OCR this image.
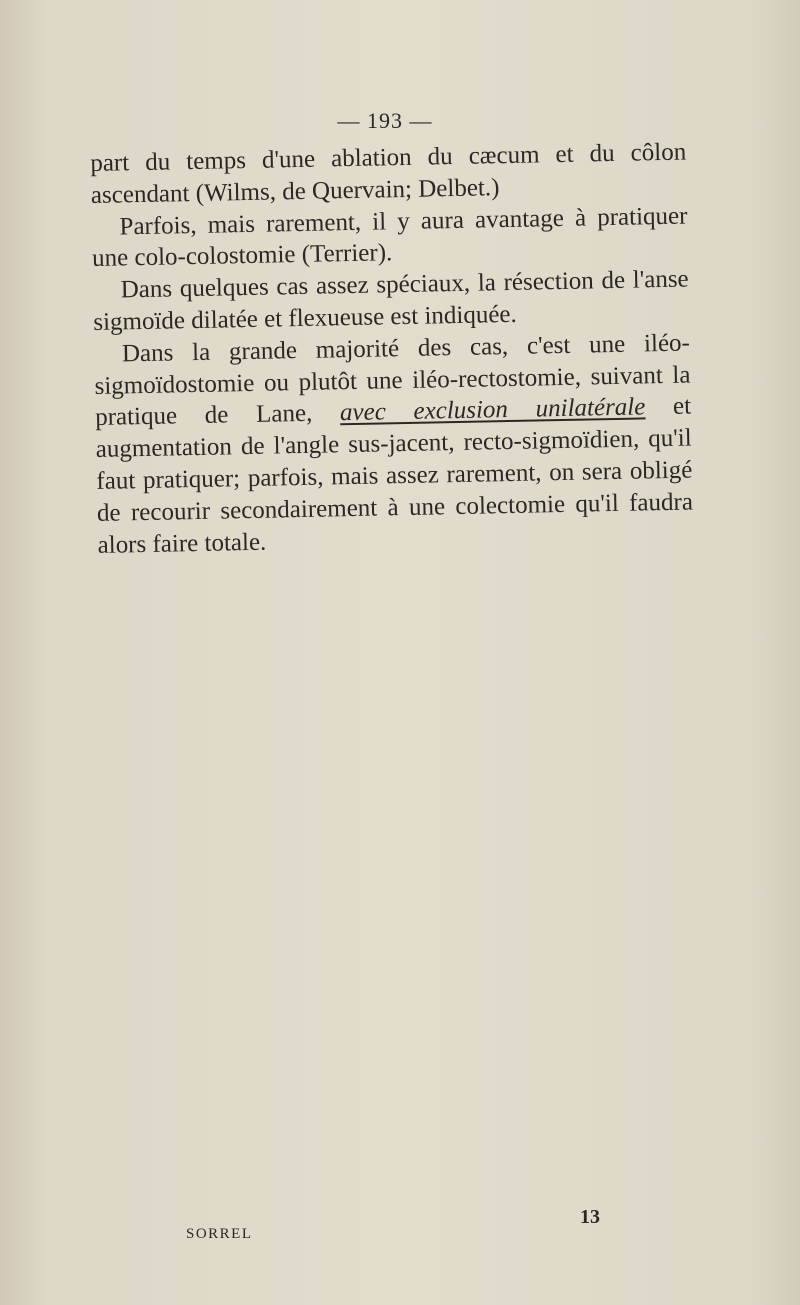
— 193 —

part du temps d'une ablation du cæcum et du côlon ascendant (Wilms, de Quervain; Delbet.)

Parfois, mais rarement, il y aura avantage à pratiquer une colo-colostomie (Terrier).

Dans quelques cas assez spéciaux, la résection de l'anse sigmoïde dilatée et flexueuse est indiquée.

Dans la grande majorité des cas, c'est une iléo-sigmoïdostomie ou plutôt une iléo-rectostomie, suivant la pratique de Lane, avec exclusion unilatérale et augmentation de l'angle sus-jacent, recto-sigmoïdien, qu'il faut pratiquer; parfois, mais assez rarement, on sera obligé de recourir secondairement à une colectomie qu'il faudra alors faire totale.

SORREL
13
